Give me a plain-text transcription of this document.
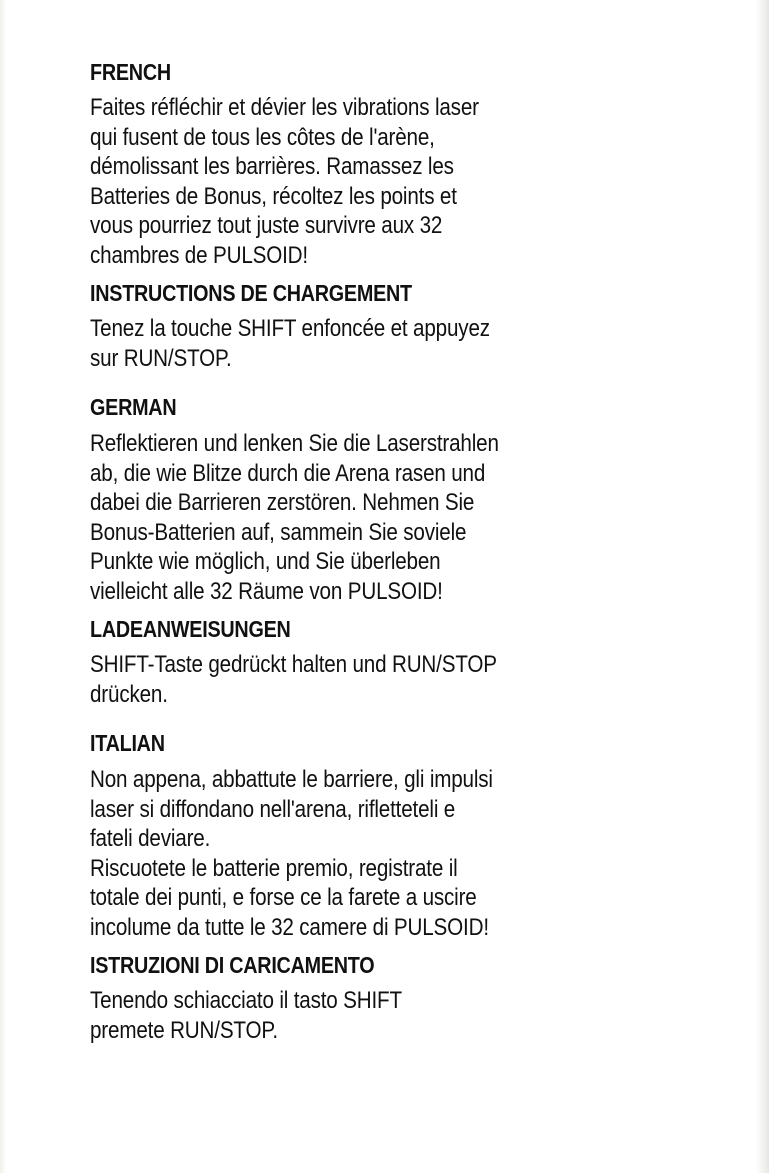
FRENCH

Faites réfléchir et dévier les vibrations laser
qui fusent de tous les côtes de l'arène,
démolissant les barrières. Ramassez les
Batteries de Bonus, récoltez les points et
vous pourriez tout juste survivre aux 32
chambres de PULSOID!

INSTRUCTIONS DE CHARGEMENT

Tenez la touche SHIFT enfoncée et appuyez
sur RUN/STOP.

GERMAN

Reflektieren und lenken Sie die Laserstrahlen
ab, die wie Blitze durch die Arena rasen und
dabei die Barrieren zerstören. Nehmen Sie
Bonus-Batterien auf, sammein Sie soviele
Punkte wie möglich, und Sie überleben
vielleicht alle 32 Räume von PULSOID!

LADEANWEISUNGEN

SHIFT-Taste gedrückt halten und RUN/STOP
drücken.

ITALIAN

Non appena, abbattute le barriere, gli impulsi
laser si diffondano nell'arena, rifletteteli e
fateli deviare.
Riscuotete le batterie premio, registrate il
totale dei punti, e forse ce la farete a uscire
incolume da tutte le 32 camere di PULSOID!

ISTRUZIONI DI CARICAMENTO

Tenendo schiacciato il tasto SHIFT
premete RUN/STOP.
